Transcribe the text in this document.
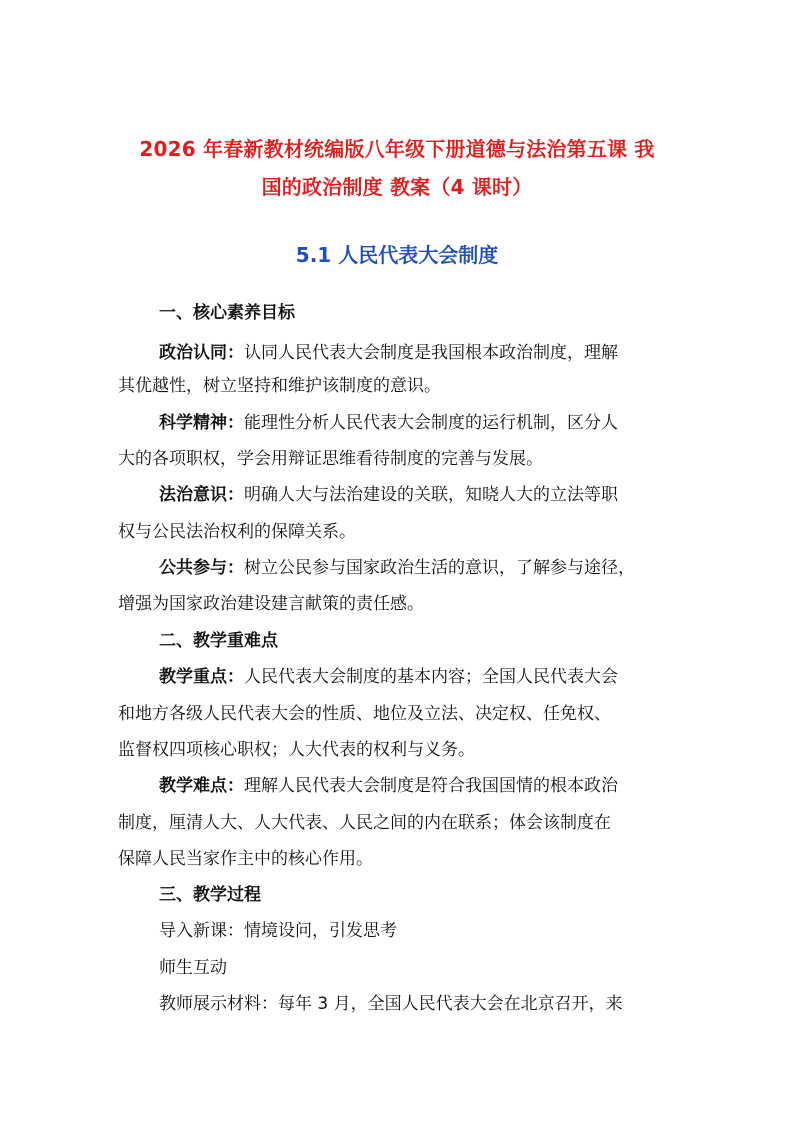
2026 年春新教材统编版八年级下册道德与法治第五课 我
国的政治制度 教案（4 课时）
5.1 人民代表大会制度
一、核心素养目标
政治认同：认同人民代表大会制度是我国根本政治制度，理解
其优越性，树立坚持和维护该制度的意识。
科学精神：能理性分析人民代表大会制度的运行机制，区分人
大的各项职权，学会用辩证思维看待制度的完善与发展。
法治意识：明确人大与法治建设的关联，知晓人大的立法等职
权与公民法治权利的保障关系。
公共参与：树立公民参与国家政治生活的意识，了解参与途径，
增强为国家政治建设建言献策的责任感。
二、教学重难点
教学重点：人民代表大会制度的基本内容；全国人民代表大会
和地方各级人民代表大会的性质、地位及立法、决定权、任免权、
监督权四项核心职权；人大代表的权利与义务。
教学难点：理解人民代表大会制度是符合我国国情的根本政治
制度，厘清人大、人大代表、人民之间的内在联系；体会该制度在
保障人民当家作主中的核心作用。
三、教学过程
导入新课：情境设问，引发思考
师生互动
教师展示材料：每年 3 月，全国人民代表大会在北京召开，来
